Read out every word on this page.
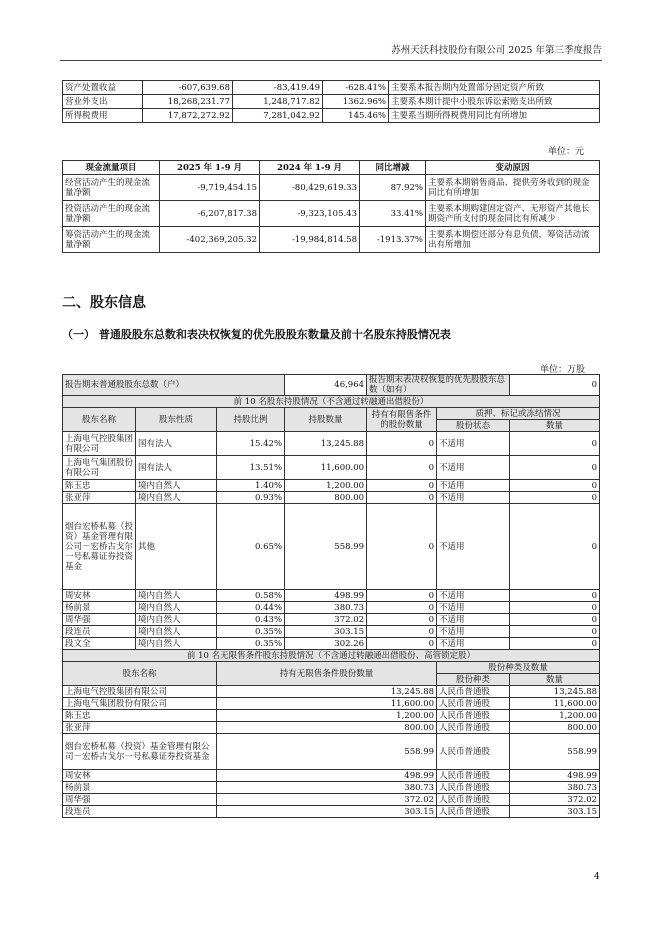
苏州天沃科技股份有限公司 2025 年第三季度报告
资产处置收益	-607,639.68	-83,419.49	-628.41%	主要系本报告期内处置部分固定资产所致
营业外支出	18,268,231.77	1,248,717.82	1362.96%	主要系本期计提中小股东诉讼索赔支出所致
所得税费用	17,872,272.92	7,281,042.92	145.46%	主要系当期所得税费用同比有所增加
单位：元
现金流量项目	2025 年 1-9 月	2024 年 1-9 月	同比增减	变动原因
经营活动产生的现金流量净额	-9,719,454.15	-80,429,619.33	87.92%	主要系本期销售商品、提供劳务收到的现金同比有所增加
投资活动产生的现金流量净额	-6,207,817.38	-9,323,105.43	33.41%	主要系本期购建固定资产、无形资产其他长期资产所支付的现金同比有所减少
筹资活动产生的现金流量净额	-402,369,205.32	-19,984,814.58	-1913.37%	主要系本期偿还部分有息负债，筹资活动流出有所增加
二、股东信息
（一） 普通股股东总数和表决权恢复的优先股股东数量及前十名股东持股情况表
单位：万股
报告期末普通股股东总数（户）			46,964	报告期末表决权恢复的优先股股东总数（如有）		0
前 10 名股东持股情况（不含通过转融通出借股份）						
股东名称	股东性质	持股比例	持股数量	持有有限售条件的股份数量	质押、标记或冻结情况	
					股份状态	数量
上海电气控股集团有限公司	国有法人	15.42%	13,245.88	0	不适用	0
上海电气集团股份有限公司	国有法人	13.51%	11,600.00	0	不适用	0
陈玉忠	境内自然人	1.40%	1,200.00	0	不适用	0
张亚萍	境内自然人	0.93%	800.00	0	不适用	0
烟台宏桥私募（投资）基金管理有限公司－宏桥古戈尔一号私募证券投资基金	其他	0.65%	558.99	0	不适用	0
周安林	境内自然人	0.58%	498.99	0	不适用	0
杨前景	境内自然人	0.44%	380.73	0	不适用	0
周华强	境内自然人	0.43%	372.02	0	不适用	0
段连员	境内自然人	0.35%	303.15	0	不适用	0
段文全	境内自然人	0.35%	302.26	0	不适用	0
前 10 名无限售条件股东持股情况（不含通过转融通出借股份、高管锁定股）						
股东名称		持有无限售条件股份数量			股份种类及数量	
					股份种类	数量
上海电气控股集团有限公司		13,245.88			人民币普通股	13,245.88
上海电气集团股份有限公司		11,600.00			人民币普通股	11,600.00
陈玉忠		1,200.00			人民币普通股	1,200.00
张亚萍		800.00			人民币普通股	800.00
烟台宏桥私募（投资）基金管理有限公司－宏桥古戈尔一号私募证券投资基金		558.99			人民币普通股	558.99
周安林		498.99			人民币普通股	498.99
杨前景		380.73			人民币普通股	380.73
周华强		372.02			人民币普通股	372.02
段连员		303.15			人民币普通股	303.15
4
